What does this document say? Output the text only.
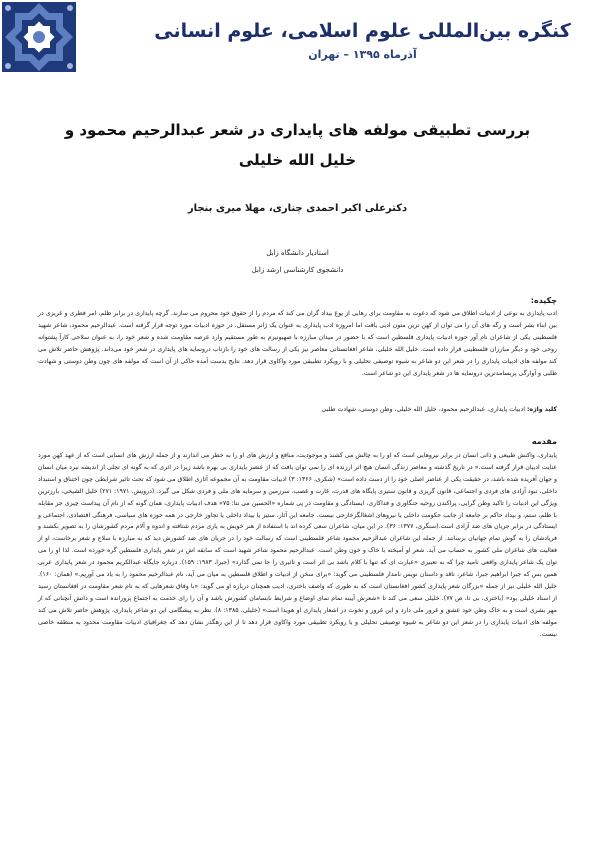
کنگره بین‌المللی علوم اسلامی، علوم انسانی
آذرماه ۱۳۹۵ – تهران
بررسی تطبیقی مولفه های پایداری در شعر عبدالرحیم محمود و خلیل الله خلیلی
دکترعلی اکبر احمدی چناری، مهلا میری بنجار
استادیار دانشگاه زابل
دانشجوی کارشناسی ارشد زابل
چکیده:

ادب پایداری به نوعی از ادبیات اطلاق می شود که دعوت به مقاومت برای رهایی از یوغ بیداد گران می کند که مردم را از حقوق خود محروم می سازند. گرچه پایداری در برابر ظلم، امر فطری و غریزی در بین ابناء بشر است و رگه های آن را می توان از کهن ترین متون ادبی یافت اما امروزه ادب پایداری به عنوان یک ژانر مستقل، در حوزه ادبیات مورد توجه قرار گرفته است. عبدالرحیم محمود، شاعر شهید فلسطینی یکی از شاعران نام آور حوزه ادبیات پایداری فلسطین است که با حضور در میدان مبارزه با صهیونیزم به طور مستقیم وارد عرصه مقاومت شده و شعر خود را، به عنوان سلاحی کارآ پشتوانه روحی خود و دیگر مبارزان فلسطینی قرار داده است. خلیل الله خلیلی، شاعر افغانستانی معاصر نیز یکی از رسالت های خود را بازتاب درونمایه های پایداری در شعر خود می‌داند. پژوهش حاضر تلاش می کند مولفه های ادبیات پایداری را در شعر این دو شاعر به شیوه توصیفی تحلیلی و با رویکرد تطبیقی مورد واکاوی قرار دهد. نتایج بدست آمده حاکی از آن است که مولفه های چون وطن دوستی و شهادت طلبی و آوارگی پربسامدترین درونمایه ها در شعر پایداری این دو شاعر است.

کلید واژه: ادبیات پایداری، عبدالرحیم محمود، خلیل الله خلیلی، وطن دوستی، شهادت طلبی
مقدمه

پایداری، واکنش طبیعی و ذاتی انسان در برابر نیروهایی است که او را به چالش می کشند و موجودیت، منافع و ارزش های او را به خطر می اندازند و از جمله ارزش های انسانی است که از عهد کهن مورد عنایت ادیبان قرار گرفته است.« در تاریخ گذشته و معاصر زندگی انسان هیچ اثر ارزنده ای را نمی توان یافت که از عنصر پایداری بی بهره باشد زیرا در اثری که به گونه ای تجلی از اندیشه نبرد میان انسان و جهان آفریده شده باشد، در حقیقت یکی از عناصر اصلی خود را از دست داده است» (شکری، ۱۳۶۶: ۳) ادبیات مقاومت به آن مجموعه آثاری اطلاق می شود که تحت تاثیر شرایطی چون اختناق و استبداد داخلی، نبود آزادی های فردی و اجتماعی، قانون گریزی و قانون ستیزی پایگاه های قدرت، غارت و غصب، سرزمین و سرمایه های ملی و فردی شکل می گیرد. (درویش، ۱۹۷۱: ۲۷۱) خلیل الشیخی، بارزترین ویژگی این ادبیات را تاکید وطن گرایی، پراکندن روحیه جنگاوری و فداکاری، ایستادگی و مقاومت در پی شماره «الحسین می نتا: ۷۵» هدف ادبیات پایداری، همان گونه که از نام آن پیداست چیزی جز مقابله با ظلم، ستم، و بیداد حاکم بر جامعه از جانب حکومت داخلی یا نیروهای اشغالگرخارجی نیست. جامعه این آثار، ستیز با بیداد داخلی یا تجاوز خارجی در همه حوزه های سیاسی، فرهنگی اقتصادی، اجتماعی و ایستادگی در برابر جریان های ضد آزادی است.(سنگری، ۱۳۷۷: ۳۶). در این میان، شاعران سعی کرده اند با استفاده از هنر خویش به یاری مردم شتافته و اندوه و آلام مردم کشورشان را به تصویر بکشند و فریادشان را به گوش تمام جهانیان برسانند. از جمله این شاعران عبدالرحیم محمود شاعر فلسطینی است که رسالت خود را در جریان های ضد کشورش دید که به مبارزه با سلاح و شعر برخاست، او از فعالیت های شاعران ملی کشور به حساب می آید. شعر او آمیخته با خاک و خون وطن است. عبدالرحیم محمود شاعر شهید است که سابقه اش در شعر پایداری فلسطین گره خورده است. لذا او را می توان یک شاعر پایداری واقعی نامید چرا که به تعبیری «عبارت ای که تنها با کلام باشد بی اثر است و تاثیری را جا نمی گذارد» (جبرا، ۱۹۸۳: ۱۵۹). درباره جایگاه عبدالکریم محمود در شعر پایداری عربی همین بس که جبرا ابراهیم جبرا، شاعر، ناقد و داستان نویس نامدار فلسطینی می گوید: «برای سخن از ادبیات و اطلاق فلسطین به میان می آید، نام عبدالرحیم محمود را به یاد می آوریم.» (همان: ۱۶۰). خلیل الله خلیلی نیز از جمله «بزرگان شعر پایداری کشور افغانستان است که به طوری که واصف باختری، ادیب همچنان درباره او می گوید: «با وفاق شعرهایی که به نام شعر مقاومت در افغانستان رسید از استاد خلیلی بود» (باختری، بی تا، ص ۷۷). خلیلی سعی می کند تا «شعرش آیینه تمام نمای اوضاع و شرایط نابسامان کشورش باشد و آن را رای خدمت به اجتماع پرورانده است و دانش آنچنانی که از مهر بشری است و به خاک وطن خود عشق و غرور ملی دارد و این غرور و نخوت در اشعار پایداری او هویدا است» (خلیلی، ۱۳۸۵: ۸). نظر به پیشگامی این دو شاعر پایداری، پژوهش حاضر تلاش می کند مولفه های ادبیات پایداری را در شعر این دو شاعر به شیوه توصیفی تحلیلی و با رویکرد تطبیقی مورد واکاوی قرار دهد تا از این رهگذر نشان دهد که جغرافیای ادبیات مقاومت محدود به منطقه خاصی نیست.
